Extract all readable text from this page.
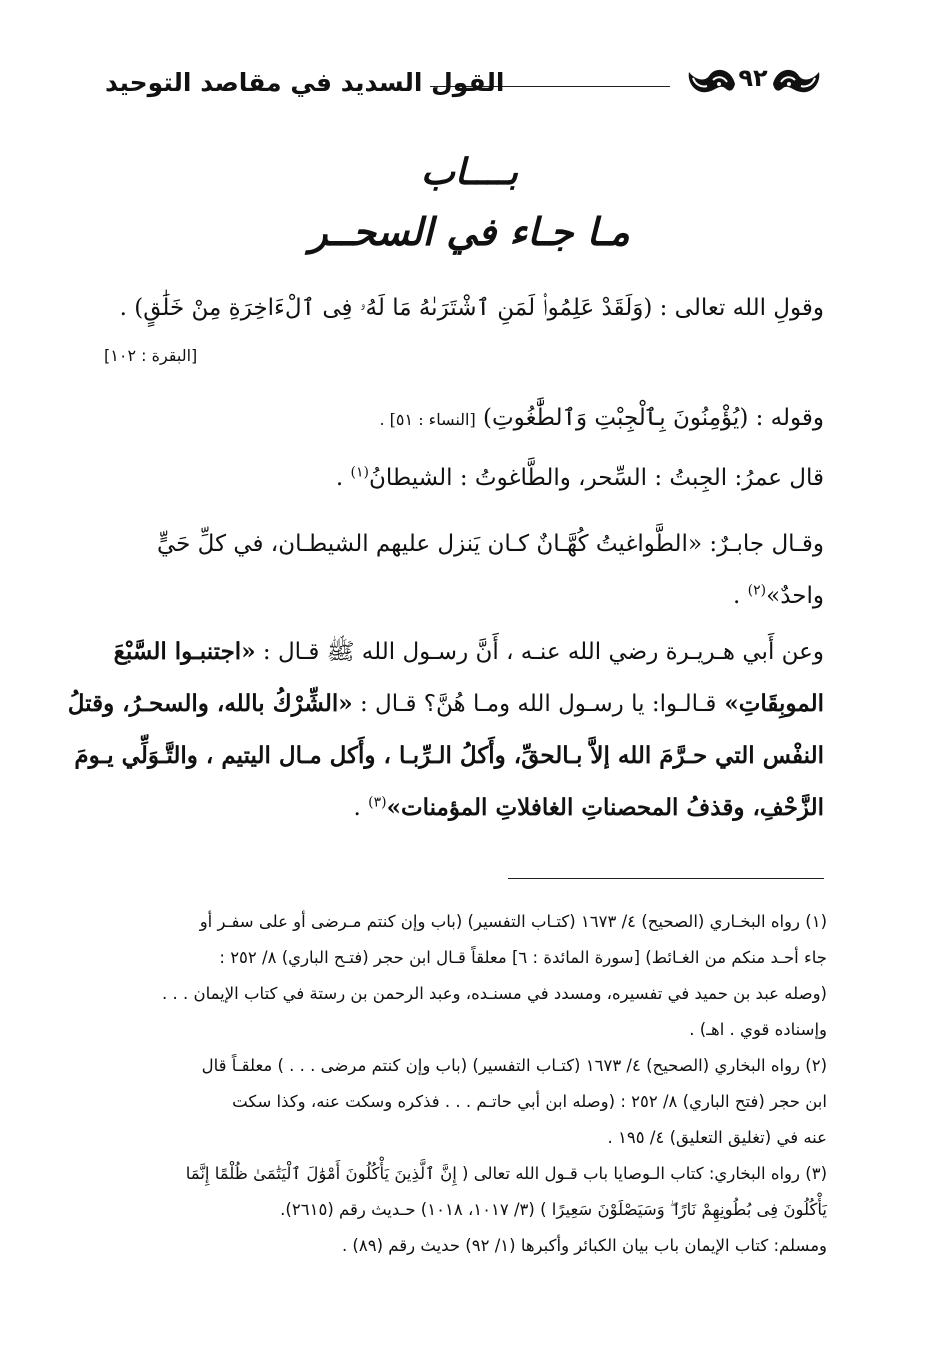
٩٢
القول السديد في مقاصد التوحيد
بــــاب
مـا جـاء في السحــر
وقولِ الله تعالى : (وَلَقَدْ عَلِمُوا۟ لَمَنِ ٱشْتَرَىٰهُ مَا لَهُۥ فِى ٱلْءَاخِرَةِ مِنْ خَلَٰقٍ) .
[البقرة : ١٠٢]
وقوله : (يُؤْمِنُونَ بِٱلْجِبْتِ وَٱلطَّٰغُوتِ) [النساء : ٥١] .
قال عمرُ: الجِبتُ : السِّحر، والطَّاغوتُ : الشيطانُ$^{(١)}$ .
وقـال جابـرٌ: «الطَّواغيتُ كُهَّـانٌ كـان يَنزل عليهم الشيطـان، في كلِّ حَيٍّ
واحدٌ»$^{(٢)}$ .
وعن أَبي هـريـرة رضي الله عنـه ، أَنَّ رسـول الله ﷺ قـال : «اجتنبـوا السَّبْعَ
الموبِقَاتِ» قـالـوا: يا رسـول الله ومـا هُنَّ؟ قـال : «الشِّرْكُ بالله، والسحـرُ، وقتلُ
النفْس التي حـرَّمَ الله إلاَّ بـالحقِّ، وأَكلُ الـرِّبـا ، وأَكل مـال اليتيم ، والتَّـوَلِّي يـومَ
الزَّحْفِ، وقذفُ المحصناتِ الغافلاتِ المؤمنات»$^{(٣)}$ .
(١) رواه البخـاري (الصحيح) ٤/ ١٦٧٣ (كتـاب التفسير) (باب وإن كنتم مـرضى أو على سفـر أو
جاء أحـد منكم من الغـائط) [سورة المائدة : ٦] معلقاً قـال ابن حجر (فتـح الباري) ٨/ ٢٥٢ :
(وصله عبد بن حميد في تفسيره، ومسدد في مسنـده، وعبد الرحمن بن رستة في كتاب الإيمان . . .
وإسناده قوي . اهـ) .
(٢) رواه البخاري (الصحيح) ٤/ ١٦٧٣ (كتـاب التفسير) (باب وإن كنتم مرضى . . . ) معلقـاً قال
ابن حجر (فتح الباري) ٨/ ٢٥٢ : (وصله ابن أبي حاتـم . . . فذكره وسكت عنه، وكذا سكت
عنه في (تغليق التعليق) ٤/ ١٩٥ .
(٣) رواه البخاري: كتاب الـوصايا باب قـول الله تعالى ( إِنَّ ٱلَّذِينَ يَأْكُلُونَ أَمْوَٰلَ ٱلْيَتَٰمَىٰ ظُلْمًا إِنَّمَا
يَأْكُلُونَ فِى بُطُونِهِمْ نَارًا ۖ وَسَيَصْلَوْنَ سَعِيرًا ) (٣/ ١٠١٧، ١٠١٨) حـديث رقم (٢٦١٥).
ومسلم: كتاب الإيمان باب بيان الكبائر وأكبرها (١/ ٩٢) حديث رقم (٨٩) .
